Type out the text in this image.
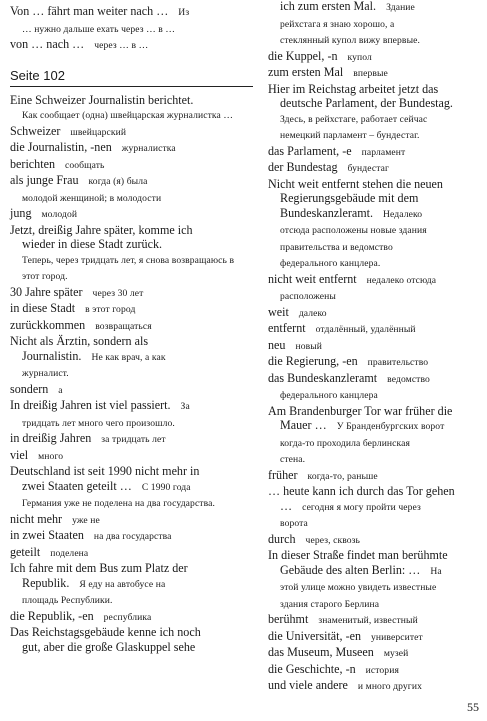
Von … fährt man weiter nach … Из
… нужно дальше ехать через … в …
von … nach … через … в …
Seite 102
Eine Schweizer Journalistin berichtet.
Как сообщает (одна) швейцарская журналистка …
Schweizer швейцарский
die Journalistin, -nen журналистка
berichten сообщать
als junge Frau когда (я) была
молодой женщиной; в молодости
jung молодой
Jetzt, dreißig Jahre später, komme ich
wieder in diese Stadt zurück.
Теперь, через тридцать лет, я снова возвращаюсь в этот город.
30 Jahre später через 30 лет
in diese Stadt в этот город
zurückkommen возвращаться
Nicht als Ärztin, sondern als
Journalistin. Не как врач, а как
журналист.
sondern а
In dreißig Jahren ist viel passiert. За
тридцать лет много чего произошло.
in dreißig Jahren за тридцать лет
viel много
Deutschland ist seit 1990 nicht mehr in
zwei Staaten geteilt … С 1990 года
Германия уже не поделена на два государства.
nicht mehr уже не
in zwei Staaten на два государства
geteilt поделена
Ich fahre mit dem Bus zum Platz der
Republik. Я еду на автобусе на
площадь Республики.
die Republik, -en республика
Das Reichstagsgebäude kenne ich noch
gut, aber die große Glaskuppel sehe
ich zum ersten Mal. Здание
рейхстага я знаю хорошо, а
стеклянный купол вижу впервые.
die Kuppel, -n купол
zum ersten Mal впервые
Hier im Reichstag arbeitet jetzt das
deutsche Parlament, der Bundestag.
Здесь, в рейхстаге, работает сейчас
немецкий парламент – бундестаг.
das Parlament, -e парламент
der Bundestag бундестаг
Nicht weit entfernt stehen die neuen
Regierungsgebäude mit dem
Bundeskanzleramt. Недалеко
отсюда расположены новые здания
правительства и ведомство
федерального канцлера.
nicht weit entfernt недалеко отсюда
расположены
weit далеко
entfernt отдалённый, удалённый
neu новый
die Regierung, -en правительство
das Bundeskanzleramt ведомство
федерального канцлера
Am Brandenburger Tor war früher die
Mauer … У Бранденбургских ворот
когда-то проходила берлинская
стена.
früher когда-то, раньше
… heute kann ich durch das Tor gehen
… сегодня я могу пройти через
ворота
durch через, сквозь
In dieser Straße findet man berühmte
Gebäude des alten Berlin: … На
этой улице можно увидеть известные
здания старого Берлина
berühmt знаменитый, известный
die Universität, -en университет
das Museum, Museen музей
die Geschichte, -n история
und viele andere и много других
55
